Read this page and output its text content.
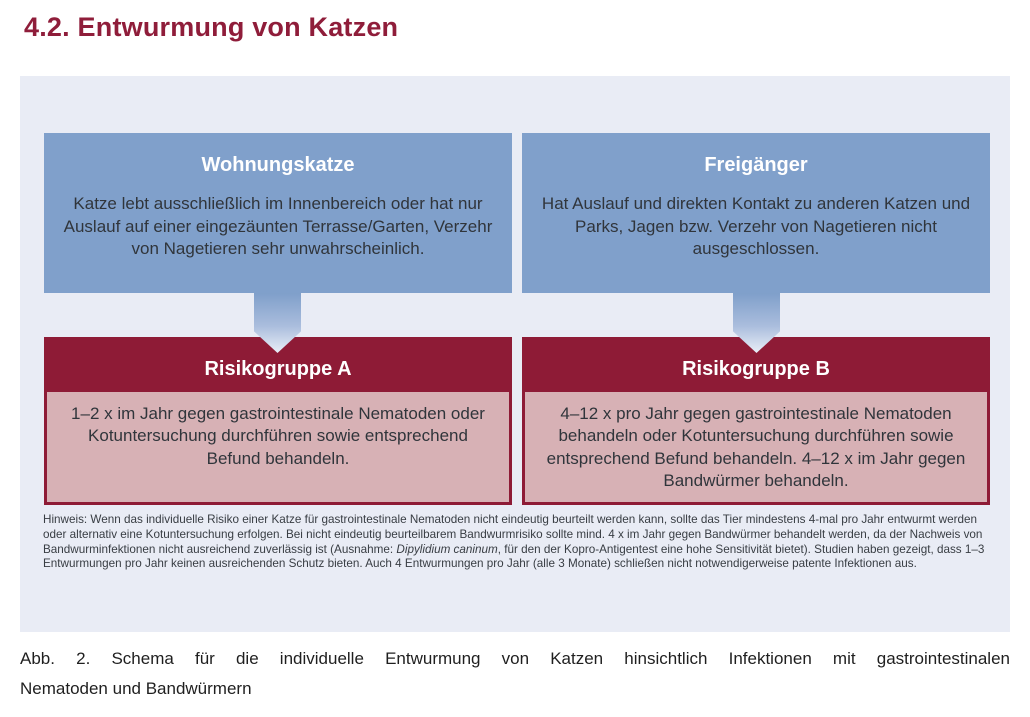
4.2. Entwurmung von Katzen
Wohnungskatze
Katze lebt ausschließlich im Innenbereich oder hat nur Auslauf auf einer eingezäunten Terrasse/Garten, Verzehr von Nagetieren sehr unwahrscheinlich.
Risikogruppe A
1–2 x im Jahr gegen gastrointestinale Nematoden oder Kotuntersuchung durchführen sowie entsprechend Befund behandeln.
Freigänger
Hat Auslauf und direkten Kontakt zu anderen Katzen und Parks, Jagen bzw. Verzehr von Nagetieren nicht ausgeschlossen.
Risikogruppe B
4–12 x pro Jahr gegen gastrointestinale Nematoden behandeln oder Kotuntersuchung durchführen sowie entsprechend Befund behandeln. 4–12 x im Jahr gegen Bandwürmer behandeln.

Hinweis: Wenn das individuelle Risiko einer Katze für gastrointestinale Nematoden nicht eindeutig beurteilt werden kann, sollte das Tier mindestens 4-mal pro Jahr entwurmt werden oder alternativ eine Kotuntersuchung erfolgen. Bei nicht eindeutig beurteilbarem Bandwurmrisiko sollte mind. 4 x im Jahr gegen Bandwürmer behandelt werden, da der Nachweis von Bandwurminfektionen nicht ausreichend zuverlässig ist (Ausnahme: Dipylidium caninum, für den der Kopro-Antigentest eine hohe Sensitivität bietet). Studien haben gezeigt, dass 1–3 Entwurmungen pro Jahr keinen ausreichenden Schutz bieten. Auch 4 Entwurmungen pro Jahr (alle 3 Monate) schließen nicht notwendigerweise patente Infektionen aus.

Abb. 2. Schema für die individuelle Entwurmung von Katzen hinsichtlich Infektionen mit gastrointestinalen
Nematoden und Bandwürmern
